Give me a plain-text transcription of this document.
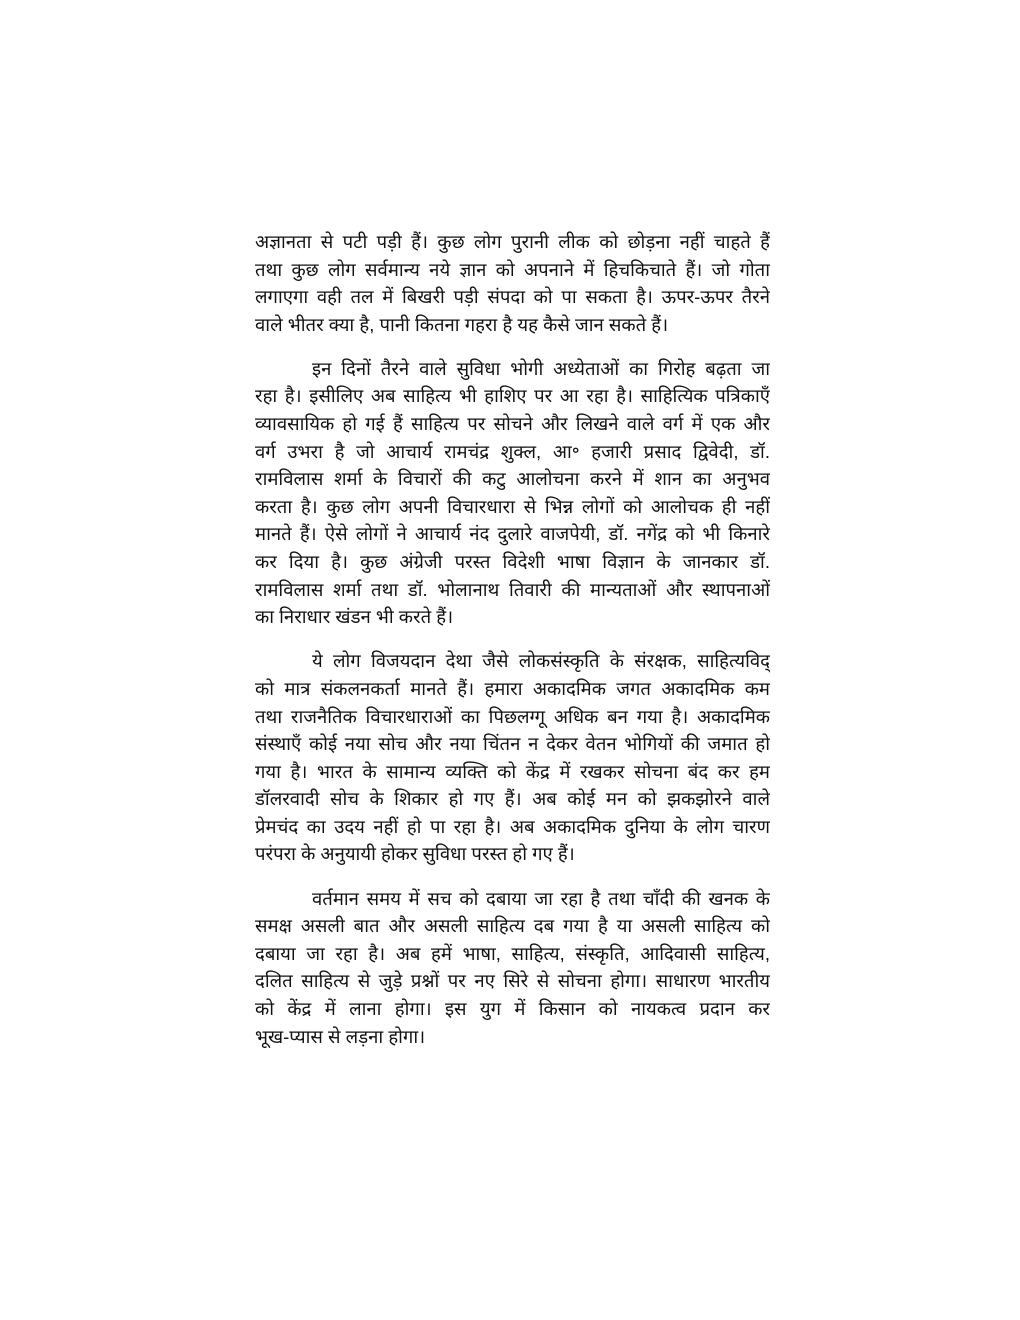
अज्ञानता से पटी पड़ी हैं। कुछ लोग पुरानी लीक को छोड़ना नहीं चाहते हैं
तथा कुछ लोग सर्वमान्य नये ज्ञान को अपनाने में हिचकिचाते हैं। जो गोता
लगाएगा वही तल में बिखरी पड़ी संपदा को पा सकता है। ऊपर-ऊपर तैरने
वाले भीतर क्या है, पानी कितना गहरा है यह कैसे जान सकते हैं।
इन दिनों तैरने वाले सुविधा भोगी अध्येताओं का गिरोह बढ़ता जा
रहा है। इसीलिए अब साहित्य भी हाशिए पर आ रहा है। साहित्यिक पत्रिकाएँ
व्यावसायिक हो गई हैं साहित्य पर सोचने और लिखने वाले वर्ग में एक और
वर्ग उभरा है जो आचार्य रामचंद्र शुक्ल, आ॰ हजारी प्रसाद द्विवेदी, डॉ.
रामविलास शर्मा के विचारों की कटु आलोचना करने में शान का अनुभव
करता है। कुछ लोग अपनी विचारधारा से भिन्न लोगों को आलोचक ही नहीं
मानते हैं। ऐसे लोगों ने आचार्य नंद दुलारे वाजपेयी, डॉ. नगेंद्र को भी किनारे
कर दिया है। कुछ अंग्रेजी परस्त विदेशी भाषा विज्ञान के जानकार डॉ.
रामविलास शर्मा तथा डॉ. भोलानाथ तिवारी की मान्यताओं और स्थापनाओं
का निराधार खंडन भी करते हैं।
ये लोग विजयदान देथा जैसे लोकसंस्कृति के संरक्षक, साहित्यविद्
को मात्र संकलनकर्ता मानते हैं। हमारा अकादमिक जगत अकादमिक कम
तथा राजनैतिक विचारधाराओं का पिछलग्गू अधिक बन गया है। अकादमिक
संस्थाएँ कोई नया सोच और नया चिंतन न देकर वेतन भोगियों की जमात हो
गया है। भारत के सामान्य व्यक्ति को केंद्र में रखकर सोचना बंद कर हम
डॉलरवादी सोच के शिकार हो गए हैं। अब कोई मन को झकझोरने वाले
प्रेमचंद का उदय नहीं हो पा रहा है। अब अकादमिक दुनिया के लोग चारण
परंपरा के अनुयायी होकर सुविधा परस्त हो गए हैं।
वर्तमान समय में सच को दबाया जा रहा है तथा चाँदी की खनक के
समक्ष असली बात और असली साहित्य दब गया है या असली साहित्य को
दबाया जा रहा है। अब हमें भाषा, साहित्य, संस्कृति, आदिवासी साहित्य,
दलित साहित्य से जुड़े प्रश्नों पर नए सिरे से सोचना होगा। साधारण भारतीय
को केंद्र में लाना होगा। इस युग में किसान को नायकत्व प्रदान कर
भूख-प्यास से लड़ना होगा।
